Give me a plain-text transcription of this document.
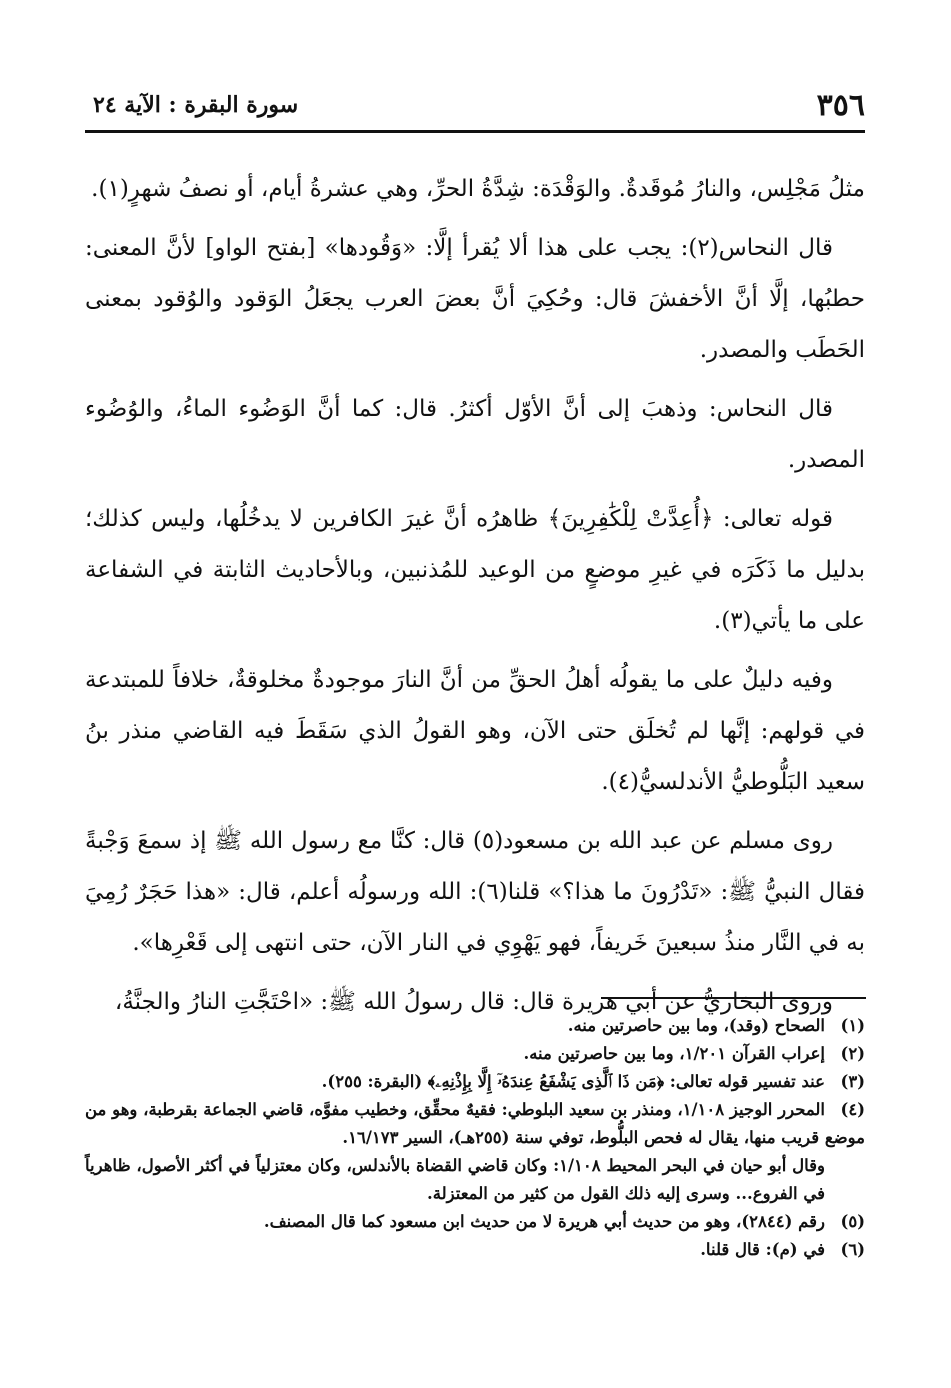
٣٥٦
سورة البقرة : الآية ٢٤

مثلُ مَجْلِس، والنارُ مُوقَدةٌ. والوَقْدَة: شِدَّةُ الحرِّ، وهي عشرةُ أيام، أو نصفُ شهرٍ(١).

قال النحاس(٢): يجب على هذا ألا يُقرأ إلَّا: «وَقُودها» [بفتح الواو] لأنَّ المعنى: حطبُها، إلَّا أنَّ الأخفشَ قال: وحُكِيَ أنَّ بعضَ العرب يجعَلُ الوَقود والوُقود بمعنى الحَطَب والمصدر.

قال النحاس: وذهبَ إلى أنَّ الأوّل أكثرُ. قال: كما أنَّ الوَضُوء الماءُ، والوُضُوء المصدر.

قوله تعالى: ﴿أُعِدَّتْ لِلْكَٰفِرِينَ﴾ ظاهرُه أنَّ غيرَ الكافرين لا يدخُلُها، وليس كذلك؛ بدليل ما ذَكَرَه في غيرِ موضعٍ من الوعيد للمُذنبين، وبالأحاديث الثابتة في الشفاعة على ما يأتي(٣).

وفيه دليلٌ على ما يقولُه أهلُ الحقِّ من أنَّ النارَ موجودةٌ مخلوقةٌ، خلافاً للمبتدعة في قولهم: إنَّها لم تُخلَق حتى الآن، وهو القولُ الذي سَقَطَ فيه القاضي منذر بنُ سعيد البَلُّوطيُّ الأندلسيُّ(٤).

روى مسلم عن عبد الله بن مسعود(٥) قال: كنَّا مع رسول الله ﷺ إذ سمعَ وَجْبةً فقال النبيُّ ﷺ: «تَدْرُونَ ما هذا؟» قلنا(٦): الله ورسولُه أعلم، قال: «هذا حَجَرٌ رُمِيَ به في النَّار منذُ سبعينَ خَريفاً، فهو يَهْوِي في النار الآن، حتى انتهى إلى قَعْرِها».

وروى البخاريُّ عن أبي هريرة قال: قال رسولُ الله ﷺ: «احْتَجَّتِ النارُ والجنَّةُ،

(١)الصحاح (وقد)، وما بين حاصرتين منه.

(٢)إعراب القرآن ١/٢٠١، وما بين حاصرتين منه.

(٣)عند تفسير قوله تعالى: ﴿مَن ذَا ٱلَّذِى يَشْفَعُ عِندَهُۥٓ إِلَّا بِإِذْنِهِۦ﴾ (البقرة: ٢٥٥).

(٤)المحرر الوجيز ١/١٠٨، ومنذر بن سعيد البلوطي: فقيهٌ محقِّق، وخطيب مفوَّه، قاضي الجماعة بقرطبة، وهو من موضع قريب منها، يقال له فحص البلُّوط، توفي سنة (٢٥٥هـ)، السير ١٦/١٧٣.

وقال أبو حيان في البحر المحيط ١/١٠٨: وكان قاضي القضاة بالأندلس، وكان معتزلياً في أكثر الأصول، ظاهرياً في الفروع... وسرى إليه ذلك القول من كثير من المعتزلة.

(٥)رقم (٢٨٤٤)، وهو من حديث أبي هريرة لا من حديث ابن مسعود كما قال المصنف.

(٦)في (م): قال قلنا.
